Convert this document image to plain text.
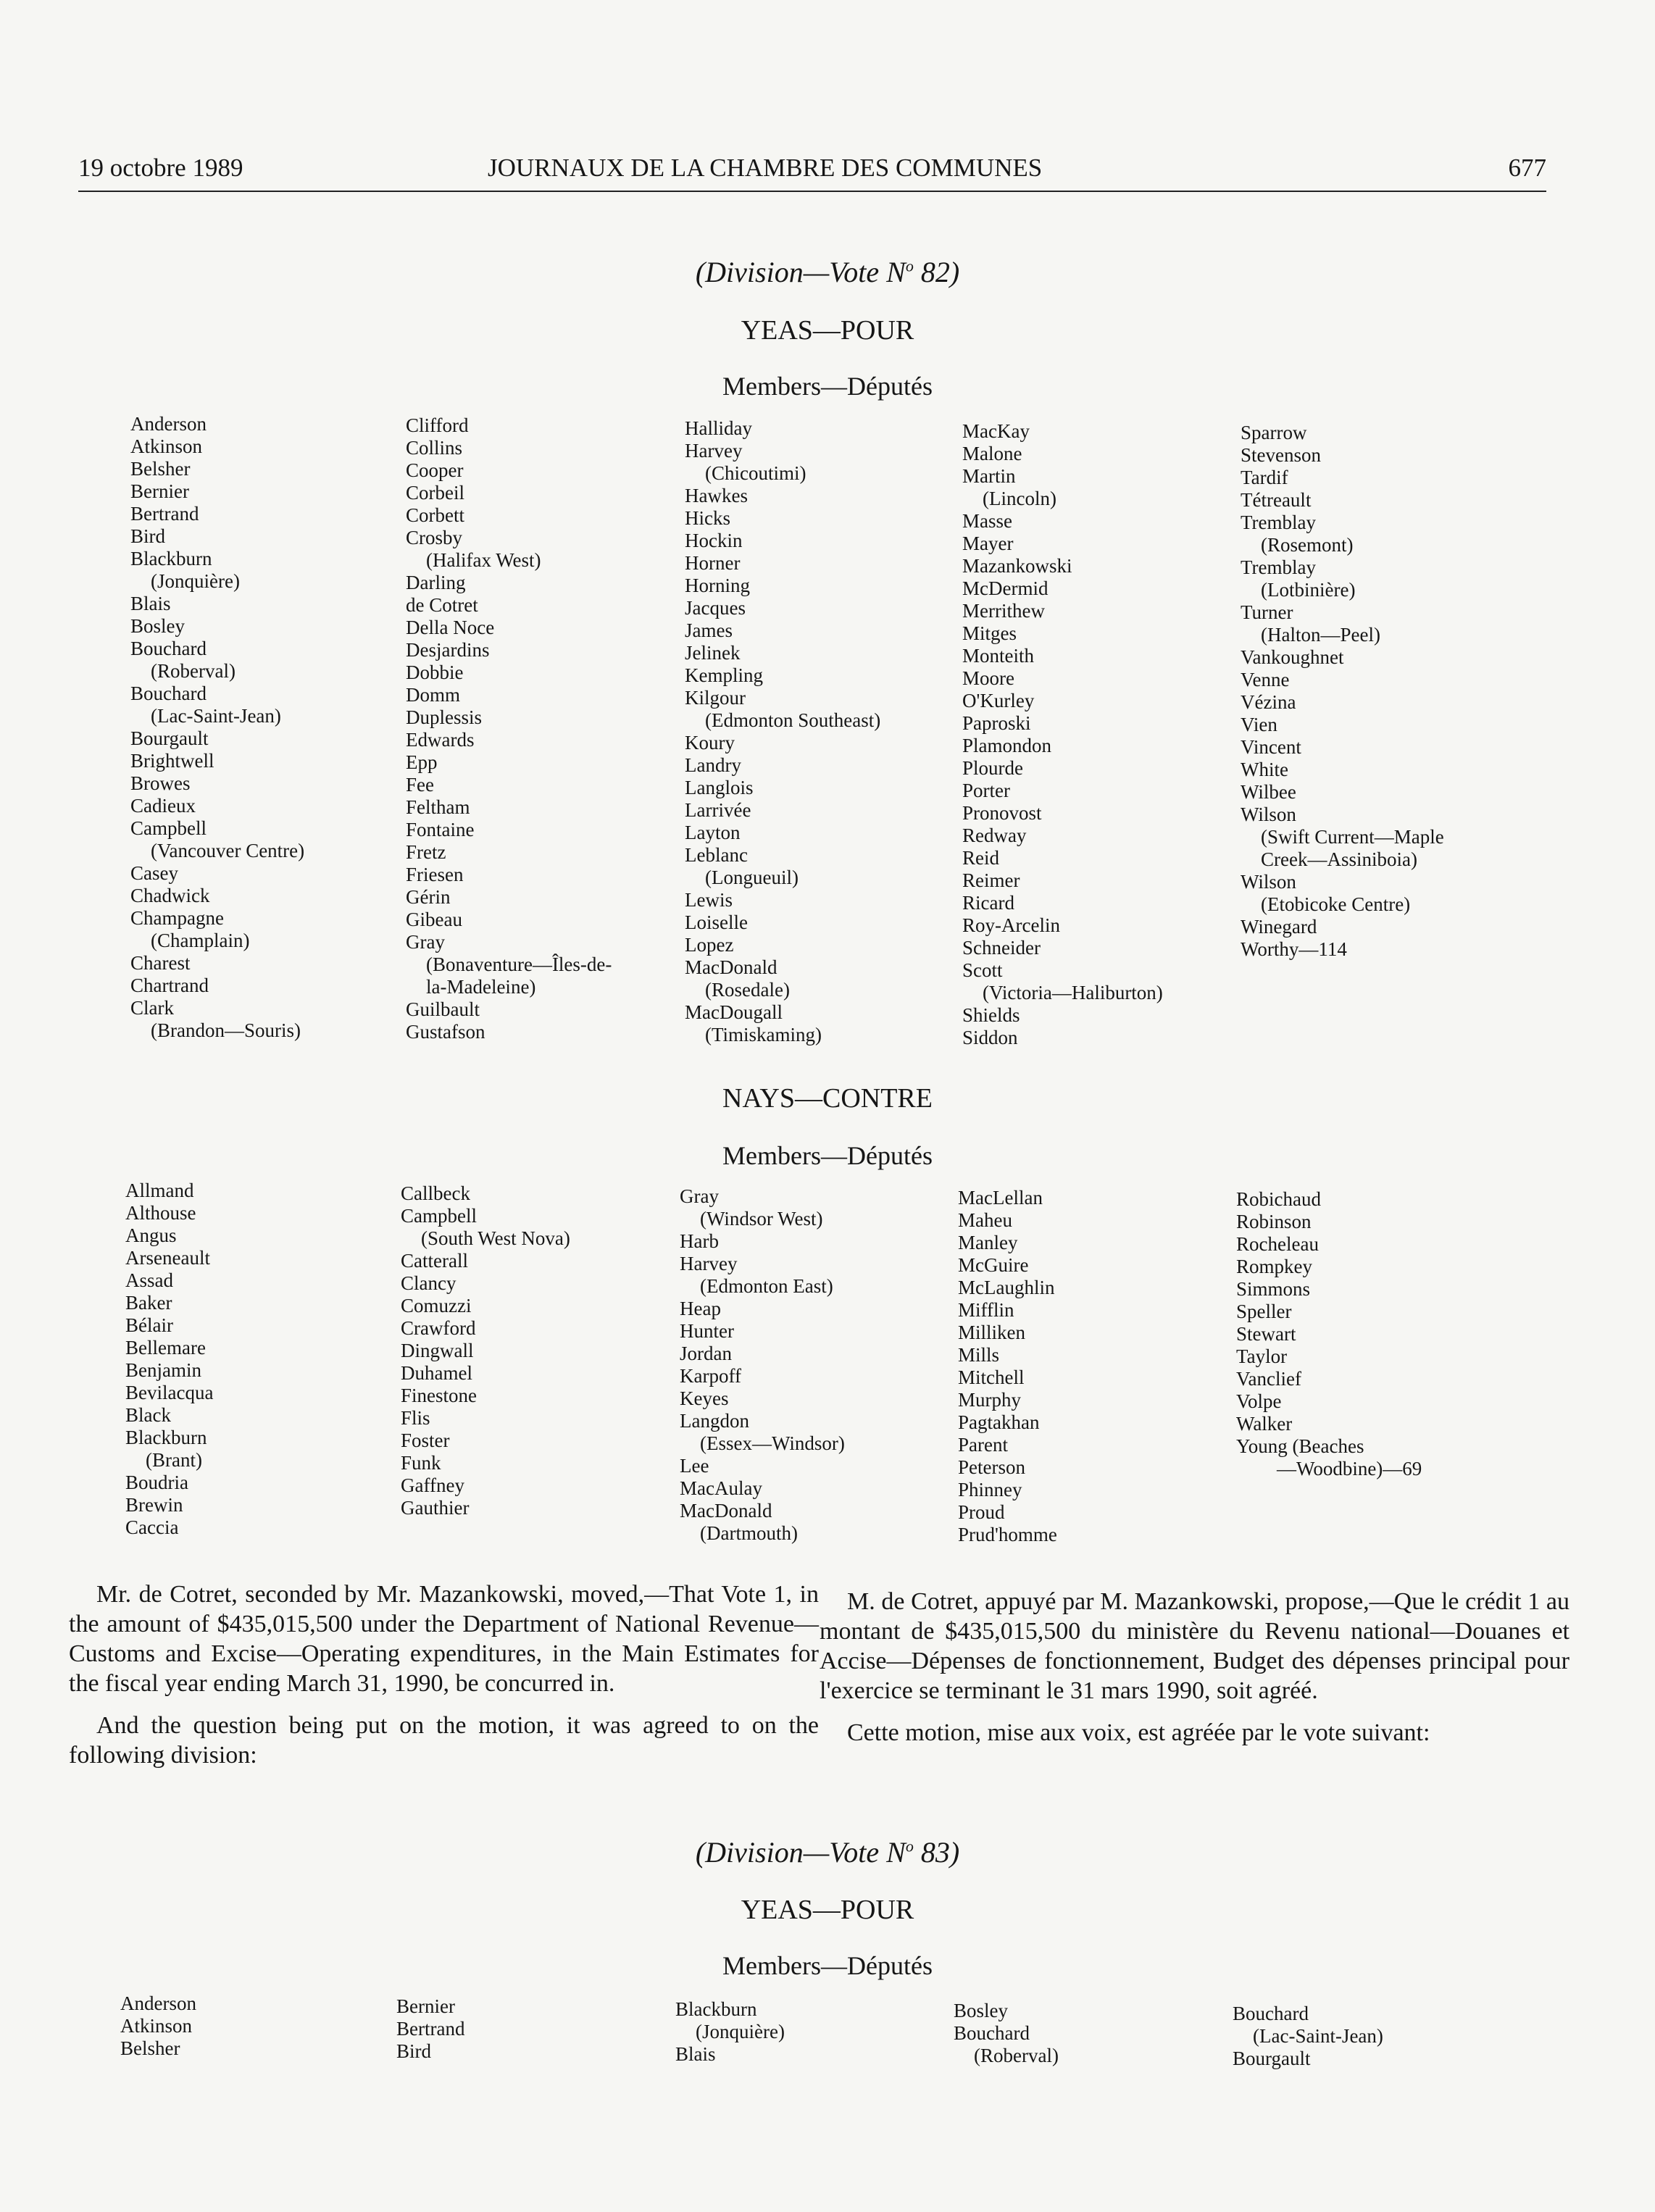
19 octobre 1989	JOURNAUX DE LA CHAMBRE DES COMMUNES	677
(Division—Vote $N^o$ 82)
YEAS—POUR
Members—Députés
Anderson
Atkinson
Belsher
Bernier
Bertrand
Bird
Blackburn
(Jonquière)
Blais
Bosley
Bouchard
(Roberval)
Bouchard
(Lac-Saint-Jean)
Bourgault
Brightwell
Browes
Cadieux
Campbell
(Vancouver Centre)
Casey
Chadwick
Champagne
(Champlain)
Charest
Chartrand
Clark
(Brandon—Souris)
Clifford
Collins
Cooper
Corbeil
Corbett
Crosby
(Halifax West)
Darling
de Cotret
Della Noce
Desjardins
Dobbie
Domm
Duplessis
Edwards
Epp
Fee
Feltham
Fontaine
Fretz
Friesen
Gérin
Gibeau
Gray
(Bonaventure—Îles-de-
la-Madeleine)
Guilbault
Gustafson
Halliday
Harvey
(Chicoutimi)
Hawkes
Hicks
Hockin
Horner
Horning
Jacques
James
Jelinek
Kempling
Kilgour
(Edmonton Southeast)
Koury
Landry
Langlois
Larrivée
Layton
Leblanc
(Longueuil)
Lewis
Loiselle
Lopez
MacDonald
(Rosedale)
MacDougall
(Timiskaming)
MacKay
Malone
Martin
(Lincoln)
Masse
Mayer
Mazankowski
McDermid
Merrithew
Mitges
Monteith
Moore
O'Kurley
Paproski
Plamondon
Plourde
Porter
Pronovost
Redway
Reid
Reimer
Ricard
Roy-Arcelin
Schneider
Scott
(Victoria—Haliburton)
Shields
Siddon
Sparrow
Stevenson
Tardif
Tétreault
Tremblay
(Rosemont)
Tremblay
(Lotbinière)
Turner
(Halton—Peel)
Vankoughnet
Venne
Vézina
Vien
Vincent
White
Wilbee
Wilson
(Swift Current—Maple
Creek—Assiniboia)
Wilson
(Etobicoke Centre)
Winegard
Worthy—114
NAYS—CONTRE
Members—Députés
Allmand
Althouse
Angus
Arseneault
Assad
Baker
Bélair
Bellemare
Benjamin
Bevilacqua
Black
Blackburn
(Brant)
Boudria
Brewin
Caccia
Callbeck
Campbell
(South West Nova)
Catterall
Clancy
Comuzzi
Crawford
Dingwall
Duhamel
Finestone
Flis
Foster
Funk
Gaffney
Gauthier
Gray
(Windsor West)
Harb
Harvey
(Edmonton East)
Heap
Hunter
Jordan
Karpoff
Keyes
Langdon
(Essex—Windsor)
Lee
MacAulay
MacDonald
(Dartmouth)
MacLellan
Maheu
Manley
McGuire
McLaughlin
Mifflin
Milliken
Mills
Mitchell
Murphy
Pagtakhan
Parent
Peterson
Phinney
Proud
Prud'homme
Robichaud
Robinson
Rocheleau
Rompkey
Simmons
Speller
Stewart
Taylor
Vanclief
Volpe
Walker
Young (Beaches
—Woodbine)—69

Mr. de Cotret, seconded by Mr. Mazankowski, moved,—That Vote 1, in the amount of $435,015,500 under the Department of National Revenue—Customs and Excise—Operating expenditures, in the Main Estimates for the fiscal year ending March 31, 1990, be concurred in.

And the question being put on the motion, it was agreed to on the following division:

M. de Cotret, appuyé par M. Mazankowski, propose,—Que le crédit 1 au montant de $435,015,500 du ministère du Revenu national—Douanes et Accise—Dépenses de fonctionnement, Budget des dépenses principal pour l'exercice se terminant le 31 mars 1990, soit agréé.

Cette motion, mise aux voix, est agréée par le vote suivant:

(Division—Vote $N^o$ 83)
YEAS—POUR
Members—Députés
Anderson
Atkinson
Belsher
Bernier
Bertrand
Bird
Blackburn
(Jonquière)
Blais
Bosley
Bouchard
(Roberval)
Bouchard
(Lac-Saint-Jean)
Bourgault
